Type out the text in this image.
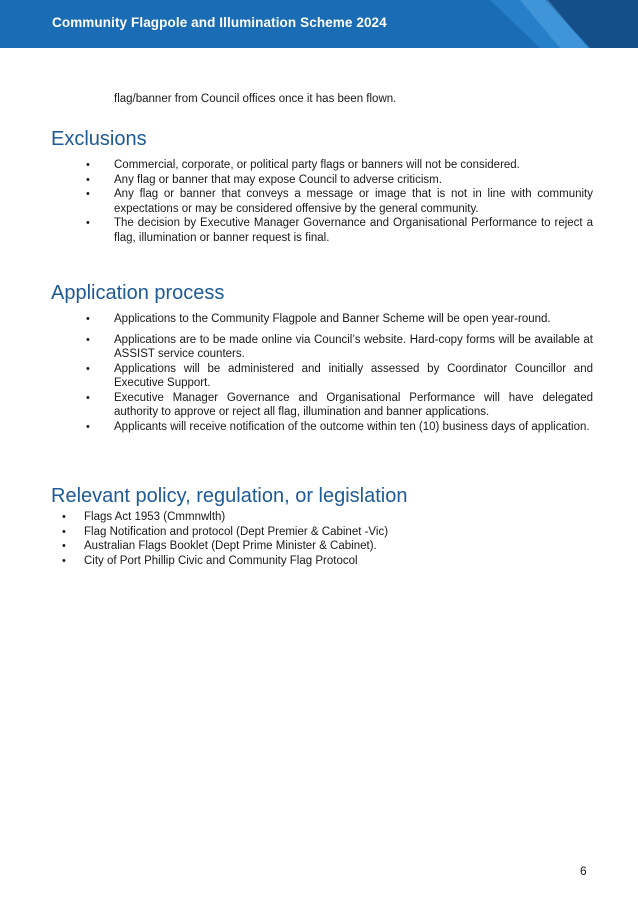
Community Flagpole and Illumination Scheme 2024
flag/banner from Council offices once it has been flown.
Exclusions
• Commercial, corporate, or political party flags or banners will not be considered.
• Any flag or banner that may expose Council to adverse criticism.
• Any flag or banner that conveys a message or image that is not in line with community expectations or may be considered offensive by the general community.
• The decision by Executive Manager Governance and Organisational Performance to reject a flag, illumination or banner request is final.
Application process
• Applications to the Community Flagpole and Banner Scheme will be open year-round.
• Applications are to be made online via Council’s website. Hard-copy forms will be available at ASSIST service counters.
• Applications will be administered and initially assessed by Coordinator Councillor and Executive Support.
• Executive Manager Governance and Organisational Performance will have delegated authority to approve or reject all flag, illumination and banner applications.
• Applicants will receive notification of the outcome within ten (10) business days of application.
Relevant policy, regulation, or legislation
• Flags Act 1953 (Cmmnwlth)
• Flag Notification and protocol (Dept Premier & Cabinet -Vic)
• Australian Flags Booklet (Dept Prime Minister & Cabinet).
• City of Port Phillip Civic and Community Flag Protocol
6
